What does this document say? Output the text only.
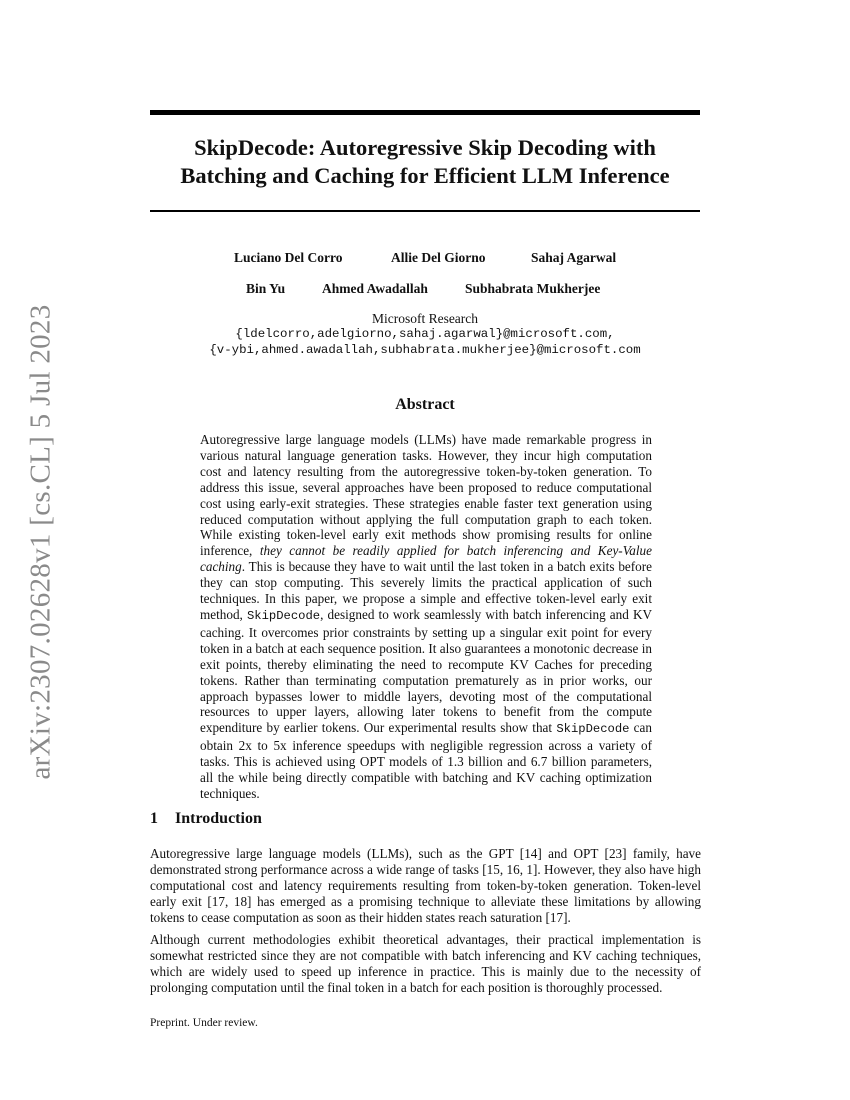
arXiv:2307.02628v1 [cs.CL] 5 Jul 2023
SkipDecode: Autoregressive Skip Decoding with
Batching and Caching for Efficient LLM Inference
Luciano Del Corro	Allie Del Giorno	Sahaj Agarwal
Bin Yu	Ahmed Awadallah	Subhabrata Mukherjee
Microsoft Research
{ldelcorro,adelgiorno,sahaj.agarwal}@microsoft.com,
{v-ybi,ahmed.awadallah,subhabrata.mukherjee}@microsoft.com
Abstract

Autoregressive large language models (LLMs) have made remarkable progress in various natural language generation tasks. However, they incur high computation cost and latency resulting from the autoregressive token-by-token generation. To address this issue, several approaches have been proposed to reduce computational cost using early-exit strategies. These strategies enable faster text generation using reduced computation without applying the full computation graph to each token. While existing token-level early exit methods show promising results for online inference, they cannot be readily applied for batch inferencing and Key-Value caching. This is because they have to wait until the last token in a batch exits before they can stop computing. This severely limits the practical application of such techniques. In this paper, we propose a simple and effective token-level early exit method, SkipDecode, designed to work seamlessly with batch inferencing and KV caching. It overcomes prior constraints by setting up a singular exit point for every token in a batch at each sequence position. It also guarantees a monotonic decrease in exit points, thereby eliminating the need to recompute KV Caches for preceding tokens. Rather than terminating computation prematurely as in prior works, our approach bypasses lower to middle layers, devoting most of the computational resources to upper layers, allowing later tokens to benefit from the compute expenditure by earlier tokens. Our experimental results show that SkipDecode can obtain 2x to 5x inference speedups with negligible regression across a variety of tasks. This is achieved using OPT models of 1.3 billion and 6.7 billion parameters, all the while being directly compatible with batching and KV caching optimization techniques.

1 Introduction

Autoregressive large language models (LLMs), such as the GPT [14] and OPT [23] family, have demonstrated strong performance across a wide range of tasks [15, 16, 1]. However, they also have high computational cost and latency requirements resulting from token-by-token generation. Token-level early exit [17, 18] has emerged as a promising technique to alleviate these limitations by allowing tokens to cease computation as soon as their hidden states reach saturation [17].

Although current methodologies exhibit theoretical advantages, their practical implementation is somewhat restricted since they are not compatible with batch inferencing and KV caching techniques, which are widely used to speed up inference in practice. This is mainly due to the necessity of prolonging computation until the final token in a batch for each position is thoroughly processed.

Preprint. Under review.
